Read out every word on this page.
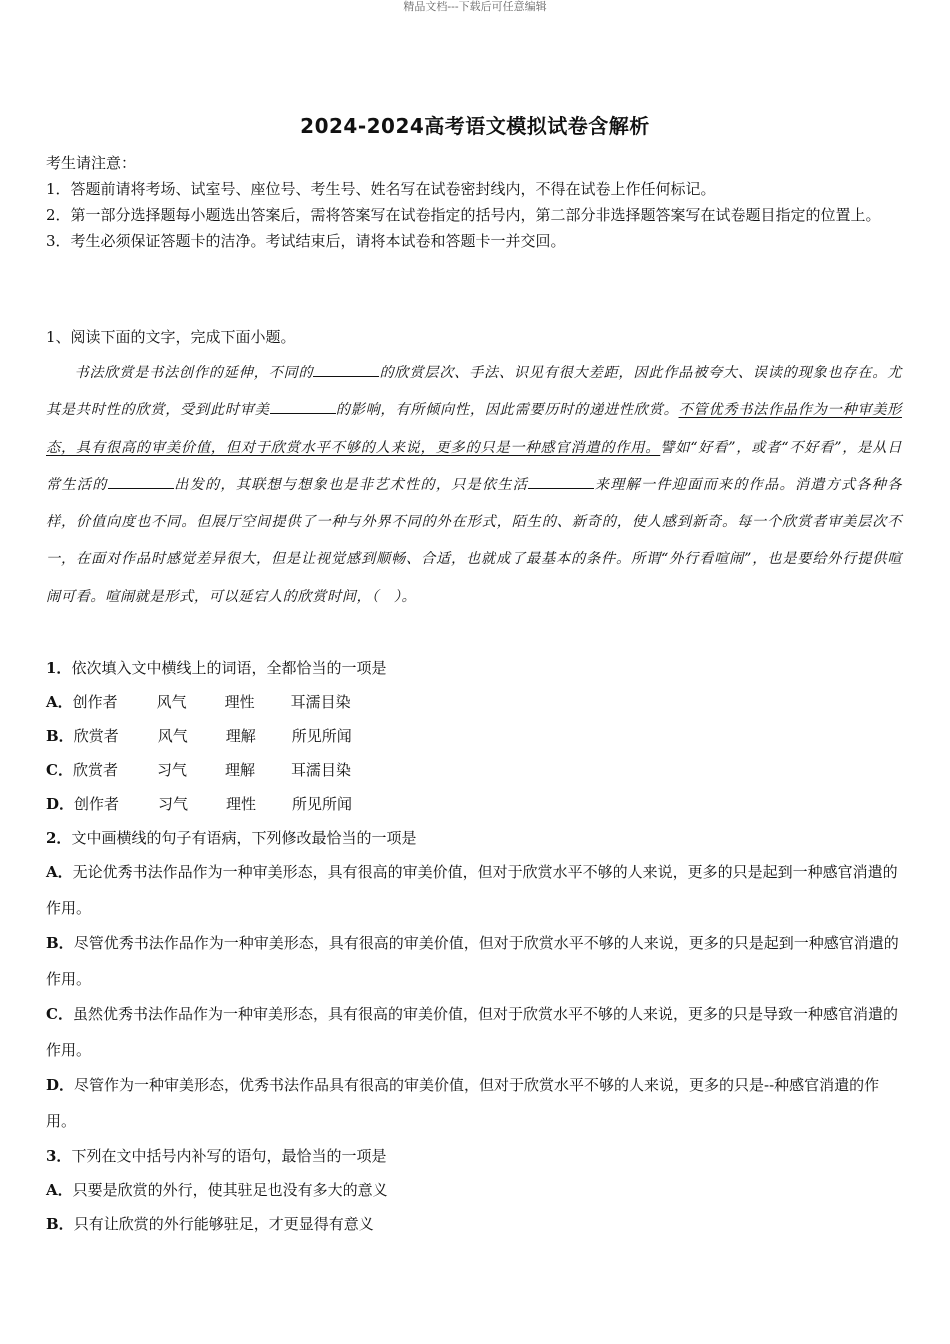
精品文档---下载后可任意编辑
2024-2024高考语文模拟试卷含解析

考生请注意：

1．答题前请将考场、试室号、座位号、考生号、姓名写在试卷密封线内，不得在试卷上作任何标记。

2．第一部分选择题每小题选出答案后，需将答案写在试卷指定的括号内，第二部分非选择题答案写在试卷题目指定的位置上。

3．考生必须保证答题卡的洁净。考试结束后，请将本试卷和答题卡一并交回。

1、阅读下面的文字，完成下面小题。

书法欣赏是书法创作的延伸，不同的	的欣赏层次、手法、识见有很大差距，因此作品被夸大、误读的现象也存在。尤其是共时性的欣赏，受到此时审美	的影响，有所倾向性，因此需要历时的递进性欣赏。不管优秀书法作品作为一种审美形态，具有很高的审美价值，但对于欣赏水平不够的人来说，更多的只是一种感官消遣的作用。譬如“好看”，或者“不好看”，是从日常生活的	出发的，其联想与想象也是非艺术性的，只是依生活	来理解一件迎面而来的作品。消遣方式各种各样，价值向度也不同。但展厅空间提供了一种与外界不同的外在形式，陌生的、新奇的，使人感到新奇。每一个欣赏者审美层次不一，在面对作品时感觉差异很大，但是让视觉感到顺畅、合适，也就成了最基本的条件。所谓“外行看喧闹”，也是要给外行提供喧闹可看。喧闹就是形式，可以延宕人的欣赏时间，（　）。

1．依次填入文中横线上的词语，全都恰当的一项是

A．创作者	风气	理性 耳濡目染

B．欣赏者	风气	理解 所见所闻

C．欣赏者	习气	理解 耳濡目染

D．创作者	习气	理性 所见所闻

2．文中画横线的句子有语病，下列修改最恰当的一项是

A．无论优秀书法作品作为一种审美形态，具有很高的审美价值，但对于欣赏水平不够的人来说，更多的只是起到一种感官消遣的作用。

B．尽管优秀书法作品作为一种审美形态，具有很高的审美价值，但对于欣赏水平不够的人来说，更多的只是起到一种感官消遣的作用。

C．虽然优秀书法作品作为一种审美形态，具有很高的审美价值，但对于欣赏水平不够的人来说，更多的只是导致一种感官消遣的作用。

D．尽管作为一种审美形态，优秀书法作品具有很高的审美价值，但对于欣赏水平不够的人来说，更多的只是--种感官消遣的作用。

3．下列在文中括号内补写的语句，最恰当的一项是

A．只要是欣赏的外行，使其驻足也没有多大的意义

B．只有让欣赏的外行能够驻足，才更显得有意义
